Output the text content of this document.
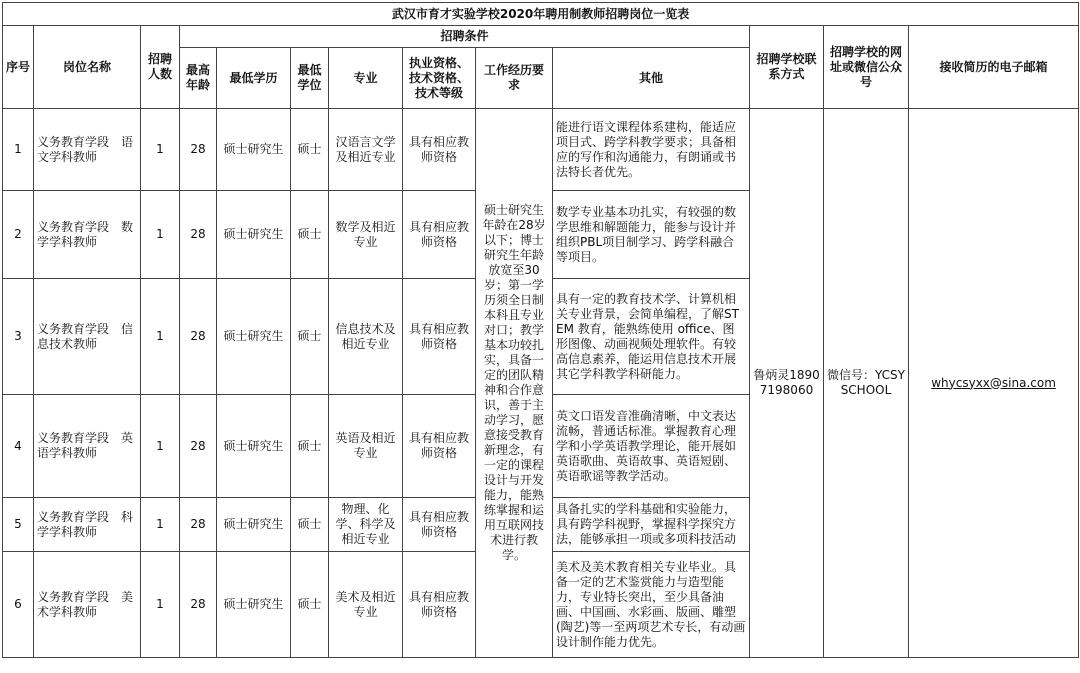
武汉市育才实验学校2020年聘用制教师招聘岗位一览表												
序号	岗位名称	招聘人数	招聘条件							招聘学校联系方式	招聘学校的网址或微信公众号	接收简历的电子邮箱
			最高年龄	最低学历	最低学位	专业	执业资格、技术资格、技术等级	工作经历要求	其他			
1	义务教育学段　语文学科教师	1	28	硕士研究生	硕士	汉语言文学及相近专业	具有相应教师资格	硕士研究生年龄在28岁以下；博士研究生年龄放宽至30岁；第一学历须全日制本科且专业对口；教学基本功较扎实，具备一定的团队精神和合作意识，善于主动学习，愿意接受教育新理念，有一定的课程设计与开发能力，能熟练掌握和运用互联网技术进行教学。	能进行语文课程体系建构，能适应项目式、跨学科教学要求；具备相应的写作和沟通能力，有朗诵或书法特长者优先。	鲁炳灵18907198060	微信号：YCSYSCHOOL	whycsyxx@sina.com
2	义务教育学段　数学学科教师	1	28	硕士研究生	硕士	数学及相近专业	具有相应教师资格		数学专业基本功扎实，有较强的数学思维和解题能力，能参与设计并组织PBL项目制学习、跨学科融合等项目。			
3	义务教育学段　信息技术教师	1	28	硕士研究生	硕士	信息技术及相近专业	具有相应教师资格		具有一定的教育技术学、计算机相关专业背景，会简单编程，了解STEM 教育，能熟练使用 office、图形图像、动画视频处理软件。有较高信息素养，能运用信息技术开展其它学科教学科研能力。			
4	义务教育学段　英语学科教师	1	28	硕士研究生	硕士	英语及相近专业	具有相应教师资格		英文口语发音准确清晰，中文表达流畅，普通话标准。掌握教育心理学和小学英语教学理论，能开展如英语歌曲、英语故事、英语短剧、英语歌谣等教学活动。			
5	义务教育学段　科学学科教师	1	28	硕士研究生	硕士	物理、化学、科学及相近专业	具有相应教师资格		具备扎实的学科基础和实验能力，具有跨学科视野，掌握科学探究方法，能够承担一项或多项科技活动			
6	义务教育学段　美术学科教师	1	28	硕士研究生	硕士	美术及相近专业	具有相应教师资格		美术及美术教育相关专业毕业。具备一定的艺术鉴赏能力与造型能力，专业特长突出，至少具备油画、中国画、水彩画、版画、雕塑(陶艺)等一至两项艺术专长，有动画设计制作能力优先。			
